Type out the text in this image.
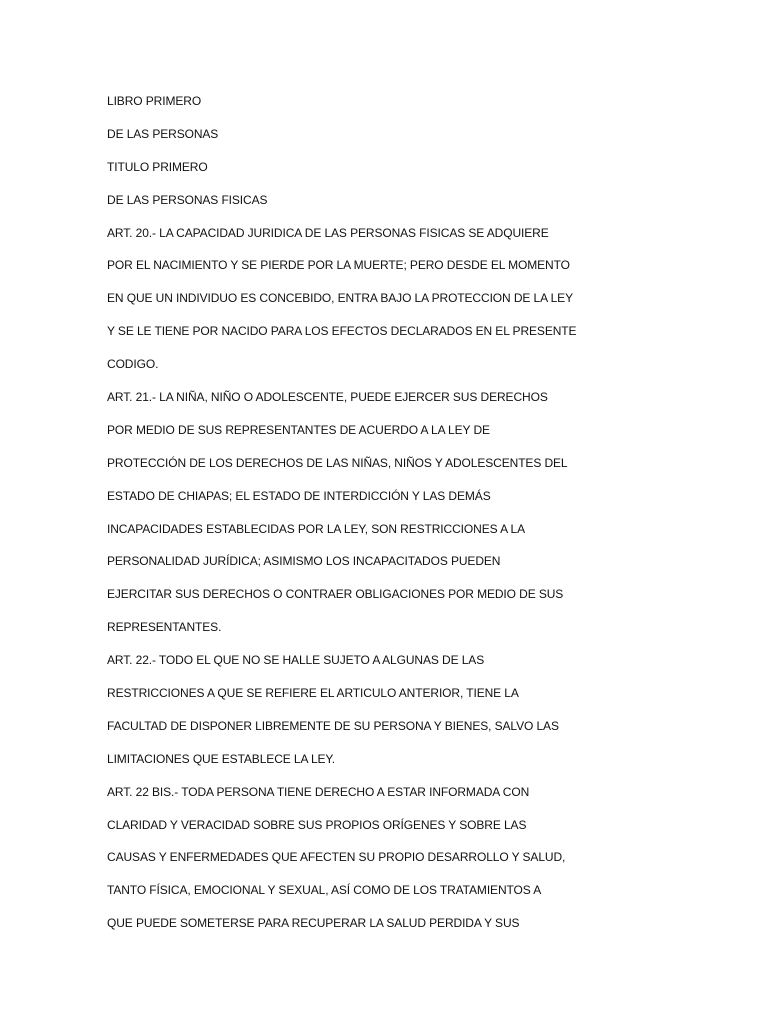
LIBRO PRIMERO
DE LAS PERSONAS
TITULO PRIMERO
DE LAS PERSONAS FISICAS
ART. 20.- LA CAPACIDAD JURIDICA DE LAS PERSONAS FISICAS SE ADQUIERE
POR EL NACIMIENTO Y SE PIERDE POR LA MUERTE; PERO DESDE EL MOMENTO
EN QUE UN INDIVIDUO ES CONCEBIDO, ENTRA BAJO LA PROTECCION DE LA LEY
Y SE LE TIENE POR NACIDO PARA LOS EFECTOS DECLARADOS EN EL PRESENTE
CODIGO.
ART. 21.- LA NIÑA, NIÑO O ADOLESCENTE, PUEDE EJERCER SUS DERECHOS
POR MEDIO DE SUS REPRESENTANTES DE ACUERDO A LA LEY DE
PROTECCIÓN DE LOS DERECHOS DE LAS NIÑAS, NIÑOS Y ADOLESCENTES DEL
ESTADO DE CHIAPAS; EL ESTADO DE INTERDICCIÓN Y LAS DEMÁS
INCAPACIDADES ESTABLECIDAS POR LA LEY, SON RESTRICCIONES A LA
PERSONALIDAD JURÍDICA; ASIMISMO LOS INCAPACITADOS PUEDEN
EJERCITAR SUS DERECHOS O CONTRAER OBLIGACIONES POR MEDIO DE SUS
REPRESENTANTES.
ART. 22.- TODO EL QUE NO SE HALLE SUJETO A ALGUNAS DE LAS
RESTRICCIONES A QUE SE REFIERE EL ARTICULO ANTERIOR, TIENE LA
FACULTAD DE DISPONER LIBREMENTE DE SU PERSONA Y BIENES, SALVO LAS
LIMITACIONES QUE ESTABLECE LA LEY.
ART. 22 BIS.- TODA PERSONA TIENE DERECHO A ESTAR INFORMADA CON
CLARIDAD Y VERACIDAD SOBRE SUS PROPIOS ORÍGENES Y SOBRE LAS
CAUSAS Y ENFERMEDADES QUE AFECTEN SU PROPIO DESARROLLO Y SALUD,
TANTO FÍSICA, EMOCIONAL Y SEXUAL, ASÍ COMO DE LOS TRATAMIENTOS A
QUE PUEDE SOMETERSE PARA RECUPERAR LA SALUD PERDIDA Y SUS
